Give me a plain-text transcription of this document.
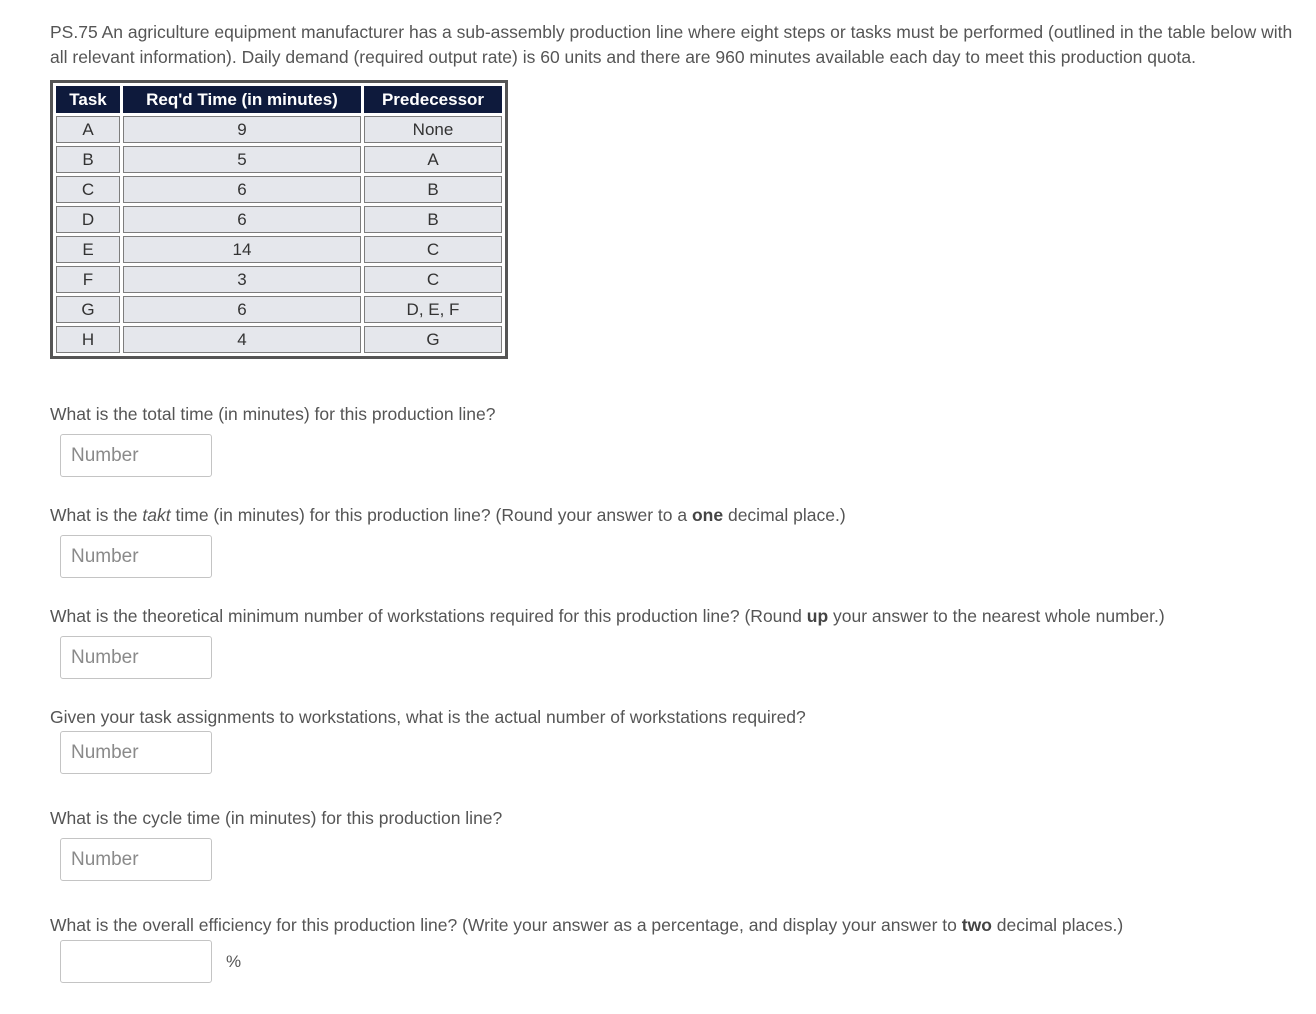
PS.75 An agriculture equipment manufacturer has a sub-assembly production line where eight steps or tasks must be performed (outlined in the table below with all relevant information). Daily demand (required output rate) is 60 units and there are 960 minutes available each day to meet this production quota.

Task	Req'd Time (in minutes)	Predecessor
A	9	None
B	5	A
C	6	B
D	6	B
E	14	C
F	3	C
G	6	D, E, F
H	4	G

What is the total time (in minutes) for this production line?

Number

What is the takt time (in minutes) for this production line? (Round your answer to a one decimal place.)

Number

What is the theoretical minimum number of workstations required for this production line? (Round up your answer to the nearest whole number.)

Number

Given your task assignments to workstations, what is the actual number of workstations required?

Number

What is the cycle time (in minutes) for this production line?

Number

What is the overall efficiency for this production line? (Write your answer as a percentage, and display your answer to two decimal places.)

%
